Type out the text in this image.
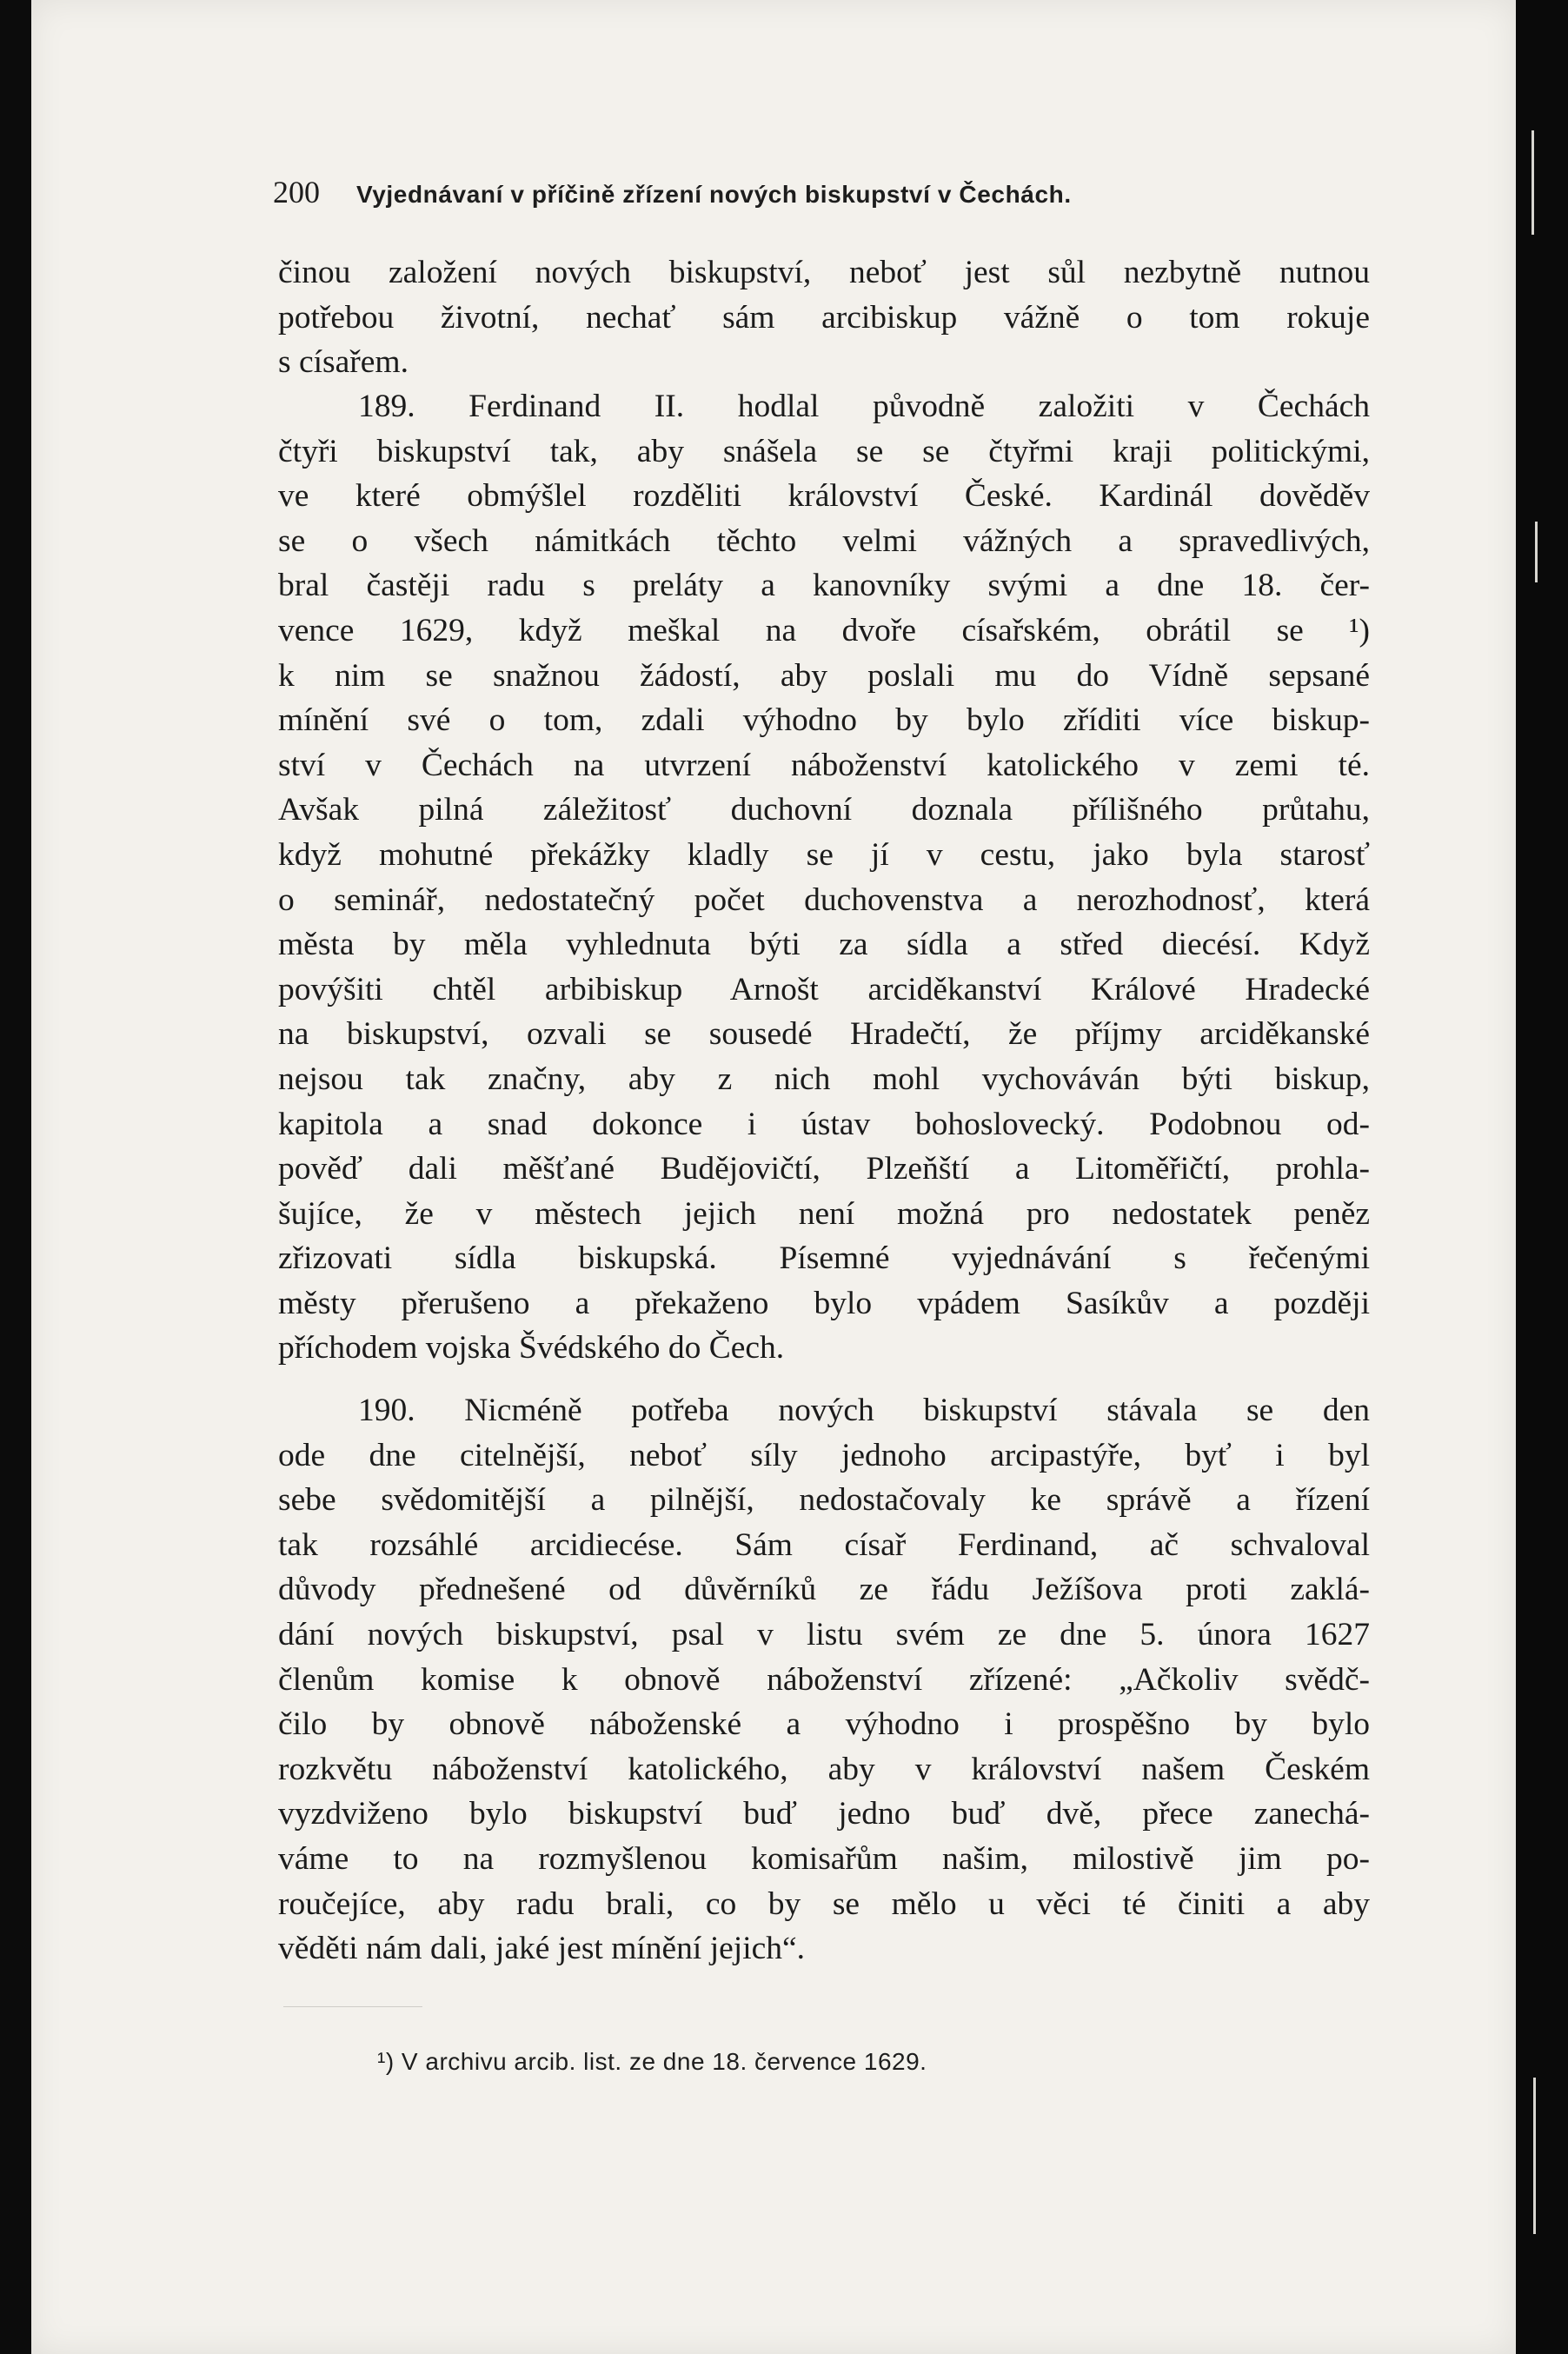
200 Vyjednávaní v příčině zřízení nových biskupství v Čechách.
činou založení nových biskupství, neboť jest sůl nezbytně nutnou
potřebou životní, nechať sám arcibiskup vážně o tom rokuje
s císařem.
189. Ferdinand II. hodlal původně založiti v Čechách
čtyři biskupství tak, aby snášela se se čtyřmi kraji politickými,
ve které obmýšlel rozděliti království České. Kardinál dověděv
se o všech námitkách těchto velmi vážných a spravedlivých,
bral častěji radu s preláty a kanovníky svými a dne 18. čer-
vence 1629, když meškal na dvoře císařském, obrátil se ¹)
k nim se snažnou žádostí, aby poslali mu do Vídně sepsané
mínění své o tom, zdali výhodno by bylo zříditi více biskup-
ství v Čechách na utvrzení náboženství katolického v zemi té.
Avšak pilná záležitosť duchovní doznala přílišného průtahu,
když mohutné překážky kladly se jí v cestu, jako byla starosť
o seminář, nedostatečný počet duchovenstva a nerozhodnosť, která
města by měla vyhlednuta býti za sídla a střed diecésí. Když
povýšiti chtěl arbibiskup Arnošt arciděkanství Králové Hradecké
na biskupství, ozvali se sousedé Hradečtí, že příjmy arciděkanské
nejsou tak značny, aby z nich mohl vychováván býti biskup,
kapitola a snad dokonce i ústav bohoslovecký. Podobnou od-
pověď dali měšťané Budějovičtí, Plzeňští a Litoměřičtí, prohla-
šujíce, že v městech jejich není možná pro nedostatek peněz
zřizovati sídla biskupská. Písemné vyjednávání s řečenými
městy přerušeno a překaženo bylo vpádem Sasíkův a později
příchodem vojska Švédského do Čech.
190. Nicméně potřeba nových biskupství stávala se den
ode dne citelnější, neboť síly jednoho arcipastýře, byť i byl
sebe svědomitější a pilnější, nedostačovaly ke správě a řízení
tak rozsáhlé arcidiecése. Sám císař Ferdinand, ač schvaloval
důvody přednešené od důvěrníků ze řádu Ježíšova proti zaklá-
dání nových biskupství, psal v listu svém ze dne 5. února 1627
členům komise k obnově náboženství zřízené: „Ačkoliv svědč-
čilo by obnově náboženské a výhodno i prospěšno by bylo
rozkvětu náboženství katolického, aby v království našem Českém
vyzdviženo bylo biskupství buď jedno buď dvě, přece zanechá-
váme to na rozmyšlenou komisařům našim, milostivě jim po-
roučejíce, aby radu brali, co by se mělo u věci té činiti a aby
věděti nám dali, jaké jest mínění jejich“.
¹) V archivu arcib. list. ze dne 18. července 1629.
